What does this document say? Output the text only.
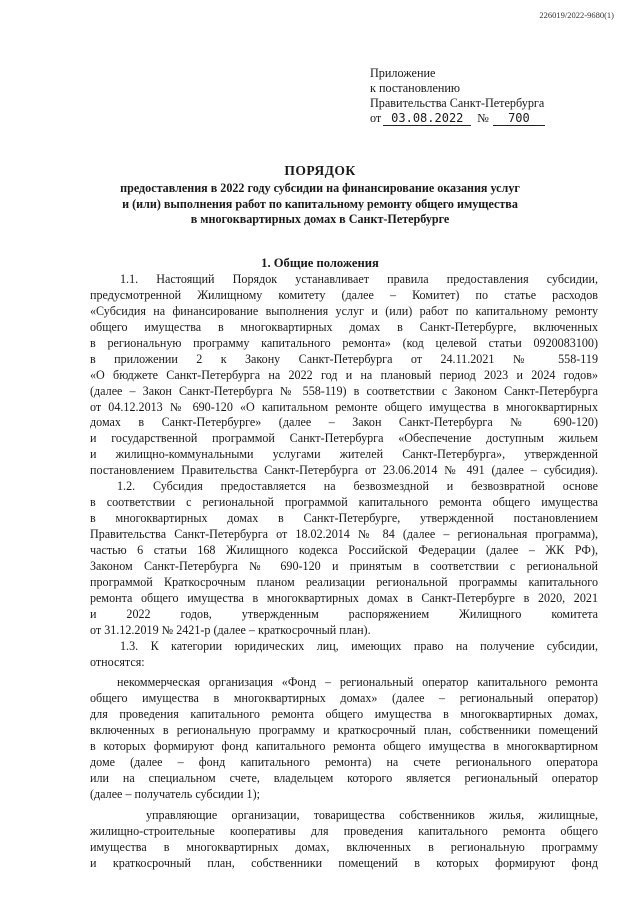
226019/2022-9680(1)
Приложение
к постановлению
Правительства Санкт-Петербурга
от 03.08.2022 № 700
ПОРЯДОК
предоставления в 2022 году субсидии на финансирование оказания услуг
и (или) выполнения работ по капитальному ремонту общего имущества
в многоквартирных домах в Санкт-Петербурге
1. Общие положения
1.1. Настоящий Порядок устанавливает правила предоставления субсидии,
предусмотренной Жилищному комитету (далее – Комитет) по статье расходов
«Субсидия на финансирование выполнения услуг и (или) работ по капитальному ремонту
общего имущества в многоквартирных домах в Санкт-Петербурге, включенных
в региональную программу капитального ремонта» (код целевой статьи 0920083100)
в приложении 2 к Закону Санкт-Петербурга от 24.11.2021 № 558-119
«О бюджете Санкт-Петербурга на 2022 год и на плановый период 2023 и 2024 годов»
(далее – Закон Санкт-Петербурга № 558-119) в соответствии с Законом Санкт-Петербурга
от 04.12.2013 № 690-120 «О капитальном ремонте общего имущества в многоквартирных
домах в Санкт-Петербурге» (далее – Закон Санкт-Петербурга № 690-120)
и государственной программой Санкт-Петербурга «Обеспечение доступным жильем
и жилищно-коммунальными услугами жителей Санкт-Петербурга», утвержденной
постановлением Правительства Санкт-Петербурга от 23.06.2014 № 491 (далее – субсидия).
1.2. Субсидия предоставляется на безвозмездной и безвозвратной основе
в соответствии с региональной программой капитального ремонта общего имущества
в многоквартирных домах в Санкт-Петербурге, утвержденной постановлением
Правительства Санкт-Петербурга от 18.02.2014 № 84 (далее – региональная программа),
частью 6 статьи 168 Жилищного кодекса Российской Федерации (далее – ЖК РФ),
Законом Санкт-Петербурга № 690-120 и принятым в соответствии с региональной
программой Краткосрочным планом реализации региональной программы капитального
ремонта общего имущества в многоквартирных домах в Санкт-Петербурге в 2020, 2021
и 2022 годов, утвержденным распоряжением Жилищного комитета
от 31.12.2019 № 2421-р (далее – краткосрочный план).
1.3. К категории юридических лиц, имеющих право на получение субсидии,
относятся:
некоммерческая организация «Фонд – региональный оператор капитального ремонта
общего имущества в многоквартирных домах» (далее – региональный оператор)
для проведения капитального ремонта общего имущества в многоквартирных домах,
включенных в региональную программу и краткосрочный план, собственники помещений
в которых формируют фонд капитального ремонта общего имущества в многоквартирном
доме (далее – фонд капитального ремонта) на счете регионального оператора
или на специальном счете, владельцем которого является региональный оператор
(далее – получатель субсидии 1);
управляющие организации, товарищества собственников жилья, жилищные,
жилищно-строительные кооперативы для проведения капитального ремонта общего
имущества в многоквартирных домах, включенных в региональную программу
и краткосрочный план, собственники помещений в которых формируют фонд
